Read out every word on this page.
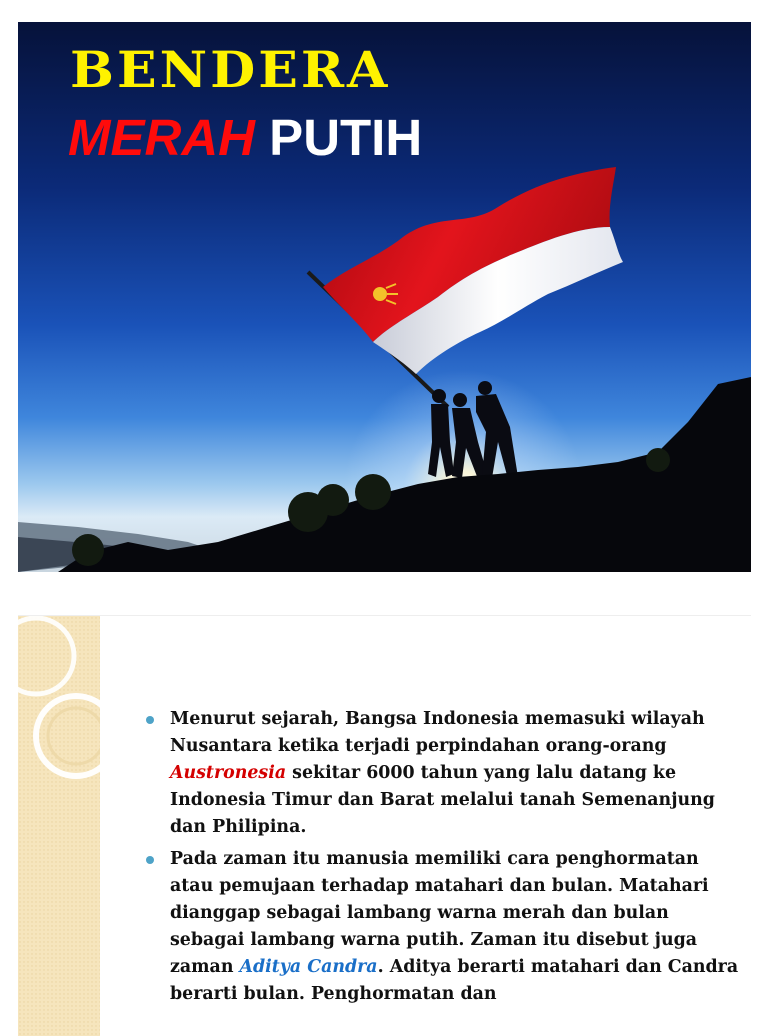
BENDERA
MERAH PUTIH
Menurut sejarah, Bangsa Indonesia memasuki wilayah Nusantara ketika terjadi perpindahan orang-orang Austronesia sekitar 6000 tahun yang lalu datang ke Indonesia Timur dan Barat melalui tanah Semenanjung dan Philipina.
Pada zaman itu manusia memiliki cara penghormatan atau pemujaan terhadap matahari dan bulan. Matahari dianggap sebagai lambang warna merah dan bulan sebagai lambang warna putih. Zaman itu disebut juga zaman Aditya Candra. Aditya berarti matahari dan Candra berarti bulan. Penghormatan dan
